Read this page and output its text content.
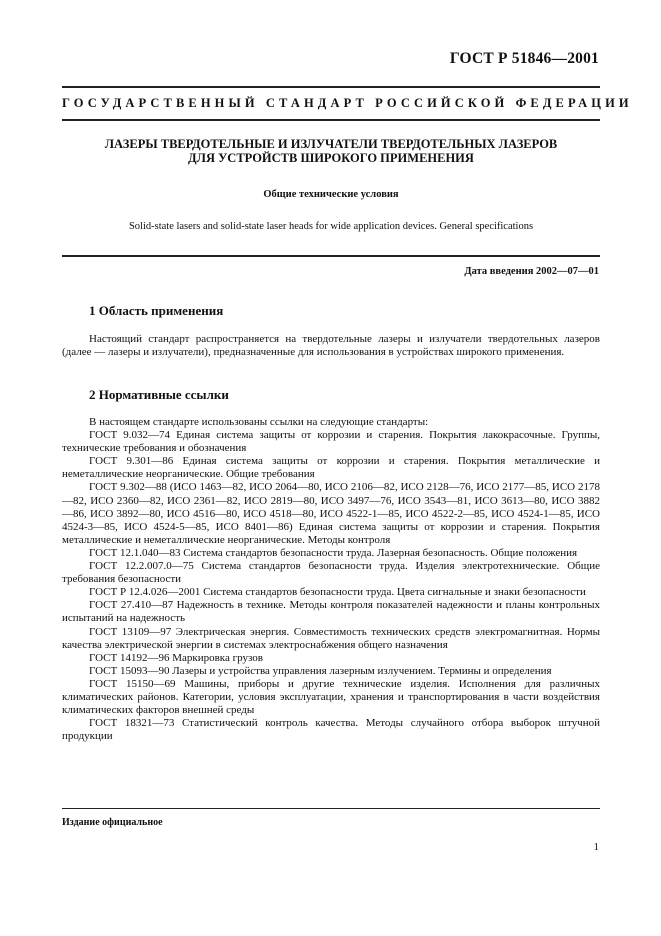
ГОСТ Р 51846—2001
ГОСУДАРСТВЕННЫЙ СТАНДАРТ РОССИЙСКОЙ ФЕДЕРАЦИИ
ЛАЗЕРЫ ТВЕРДОТЕЛЬНЫЕ И ИЗЛУЧАТЕЛИ ТВЕРДОТЕЛЬНЫХ ЛАЗЕРОВ
ДЛЯ УСТРОЙСТВ ШИРОКОГО ПРИМЕНЕНИЯ
Общие технические условия
Solid-state lasers and solid-state laser heads for wide application devices. General specifications
Дата введения 2002—07—01
1 Область применения

Настоящий стандарт распространяется на твердотельные лазеры и излучатели твердотельных лазеров (далее — лазеры и излучатели), предназначенные для использования в устройствах широкого применения.

2 Нормативные ссылки

В настоящем стандарте использованы ссылки на следующие стандарты:

ГОСТ 9.032—74 Единая система защиты от коррозии и старения. Покрытия лакокрасочные. Группы, технические требования и обозначения

ГОСТ 9.301—86 Единая система защиты от коррозии и старения. Покрытия металлические и неметаллические неорганические. Общие требования

ГОСТ 9.302—88 (ИСО 1463—82, ИСО 2064—80, ИСО 2106—82, ИСО 2128—76, ИСО 2177—85, ИСО 2178—82, ИСО 2360—82, ИСО 2361—82, ИСО 2819—80, ИСО 3497—76, ИСО 3543—81, ИСО 3613—80, ИСО 3882—86, ИСО 3892—80, ИСО 4516—80, ИСО 4518—80, ИСО 4522-1—85, ИСО 4522-2—85, ИСО 4524-1—85, ИСО 4524-3—85, ИСО 4524-5—85, ИСО 8401—86) Единая система защиты от коррозии и старения. Покрытия металлические и неметаллические неорганические. Методы контроля

ГОСТ 12.1.040—83 Система стандартов безопасности труда. Лазерная безопасность. Общие положения

ГОСТ 12.2.007.0—75 Система стандартов безопасности труда. Изделия электротехнические. Общие требования безопасности

ГОСТ Р 12.4.026—2001 Система стандартов безопасности труда. Цвета сигнальные и знаки безопасности

ГОСТ 27.410—87 Надежность в технике. Методы контроля показателей надежности и планы контрольных испытаний на надежность

ГОСТ 13109—97 Электрическая энергия. Совместимость технических средств электромагнитная. Нормы качества электрической энергии в системах электроснабжения общего назначения

ГОСТ 14192—96 Маркировка грузов

ГОСТ 15093—90 Лазеры и устройства управления лазерным излучением. Термины и определения

ГОСТ 15150—69 Машины, приборы и другие технические изделия. Исполнения для различных климатических районов. Категории, условия эксплуатации, хранения и транспортирования в части воздействия климатических факторов внешней среды

ГОСТ 18321—73 Статистический контроль качества. Методы случайного отбора выборок штучной продукции

Издание официальное
1
